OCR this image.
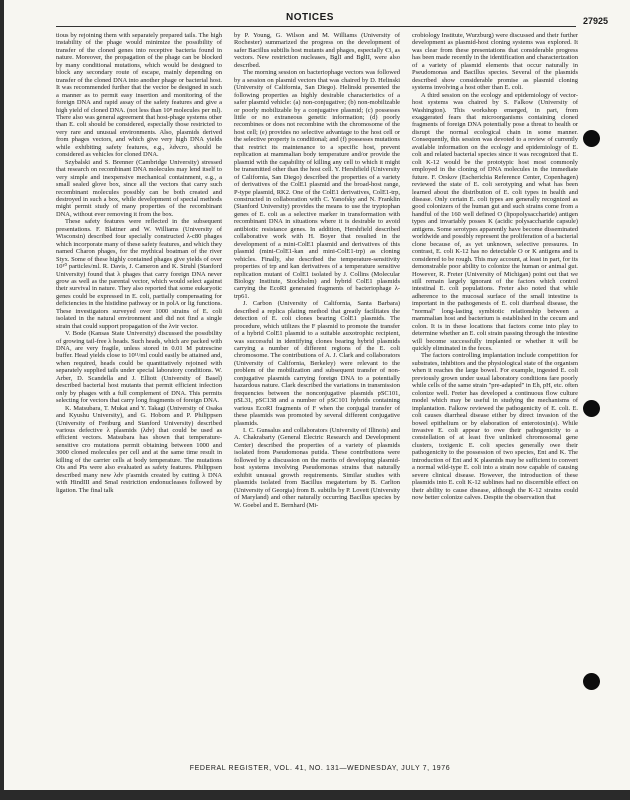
NOTICES	27925

tious by rejoining them with separately prepared tails. The high instability of the phage would minimize the possibility of transfer of the cloned genes into receptive bacteria found in nature. Moreover, the propagation of the phage can be blocked by many conditional mutations, which would be designed to block any secondary route of escape, mainly depending on transfer of the cloned DNA into another phage or bacterial host. It was recommended further that the vector be designed in such a manner as to permit easy insertion and monitoring of the foreign DNA and rapid assay of the safety features and give a high yield of cloned DNA. (not less than 10⁸ molecules per ml). There also was general agreement that host-phage systems other than E. coli should be considered, especially those restricted to very rare and unusual environments. Also, plasmids derived from phages vectors, and which give very high DNA yields while exhibiting safety features, e.g., λdvcro, should be considered as vehicles for cloned DNA.

Szybalski and S. Brenner (Cambridge University) stressed that research on recombinant DNA molecules may lend itself to very simple and inexpensive mechanical containment, e.g., a small sealed glove box, since all the vectors that carry such recombinant molecules possibly can be both created and destroyed in such a box, while development of special methods might permit study of many properties of the recombinant DNA, without ever removing it from the box.

These safety features were reflected in the subsequent presentations. F. Blattner and W. Williams (University of Wisconsin) described four specially constructed λ-c80 phages which incorporate many of these safety features, and which they named Charon phages, for the mythical boatman of the river Styx. Some of these highly contained phages give yields of over 10¹⁰ particles/ml. R. Davis, J. Cameron and K. Struhl (Stanford University) found that λ phages that carry foreign DNA never grow as well as the parental vector, which would select against their survival in nature. They also reported that some eukaryotic genes could be expressed in E. coli, partially compensating for deficiencies in the histidine pathway or in polA or lig functions. These investigators surveyed over 1000 strains of E. coli isolated in the natural environment and did not find a single strain that could support propagation of the λvir vector.

V. Bode (Kansas State University) discussed the possibility of growing tail-free λ heads. Such heads, which are packed with DNA, are very fragile, unless stored in 0.01 M putrescine buffer. Head yields close to 10¹¹/ml could easily be attained and, when required, heads could be quantitatively rejoined with separately supplied tails under special laboratory conditions. W. Arber, D. Scandella and J. Elliott (University of Basel) described bacterial host mutants that permit efficient infection only by phages with a full complement of DNA. This permits selecting for vectors that carry long fragments of foreign DNA.

K. Matsubara, T. Mukai and Y. Takagi (University of Osaka and Kyushu University), and G. Hobom and P. Philippsen (University of Freiburg and Stanford University) described various defective λ plasmids (λdv) that could be used as efficient vectors. Matsubara has shown that temperature-sensitive cro mutations permit obtaining between 1000 and 3000 cloned molecules per cell and at the same time result in killing of the carrier cells at body temperature. The mutations Ots and Pts were also evaluated as safety features. Philippsen described many new λdv p'asmids created by cutting λ DNA with HindIII and SmaI restriction endonucleases followed by ligation. The final talk

by P. Young, G. Wilson and M. Williams (University of Rochester) summarized the progress on the development of safer Bacillus subtilis host mutants and phages, especially ¢3, as vectors. New restriction nucleases, BglI and BglII, were also described.

The morning session on bacteriophage vectors was followed by a session on plasmid vectors that was chaired by D. Helinski (University of California, San Diego). Helinski presented the following properties as highly desirable characteristics of a safer plasmid vehicle: (a) non-conjugative; (b) non-mobilizable or poorly mobilizable by a conjugative plasmid; (c) possesses little or no extraneous genetic information; (d) poorly recombines or does not recombine with the chromosome of the host cell; (e) provides no selective advantage to the host cell or the selective property is conditional; and (f) possesses mutations that restrict its maintenance to a specific host, prevent replication at mammalian body temperature and/or provide the plasmid with the capability of killing any cell to which it might be transmitted other than the host cell. Y. Hershfield (University of California, San Diego) described the properties of a variety of derivatives of the ColE1 plasmid and the broad-host range, P-type plasmid, RK2. One of the ColE1 derivatives, ColE1-trp, constructed in collaboration with C. Yanofsky and N. Franklin (Stanford University) provides the means to use the tryptophan genes of E. coli as a selective marker in transformation with recombinant DNA in situations where it is desirable to avoid antibiotic resistance genes. In addition, Hershfield described collaborative work with H. Boyer that resulted in the development of a mini-ColE1 plasmid and derivatives of this plasmid (mini-ColE1-kan and mini-ColE1-trp) as cloning vehicles. Finally, she described the temperature-sensitivity properties of trp and kan derivatives of a temperature sensitive replication mutant of ColE1 isolated by J. Collins (Molecular Biology Institute, Stockholm) and hybrid ColE1 plasmids carrying the EcoRI generated fragments of bacteriophage λ-trp61.

J. Carbon (University of California, Santa Barbara) described a replica plating method that greatly facilitates the detection of E. coli clones bearing ColE1 plasmids. The procedure, which utilizes the F plasmid to promote the transfer of a hybrid ColE1 plasmid to a suitable auxotrophic recipient, was successful in identifying clones bearing hybrid plasmids carrying a number of different regions of the E. coli chromosome. The contributions of A. J. Clark and collaborators (University of California, Berkeley) were relevant to the problem of the mobilization and subsequent transfer of non-conjugative plasmids carrying foreign DNA to a potentially hazardous nature. Clark described the variations in transmission frequencies between the nonconjugative plasmids pSC101, pSL31, pSC138 and a number of pSC101 hybrids containing various EcoRI fragments of F when the conjugal transfer of these plasmids was promoted by several different conjugative plasmids.

I. C. Gunsalus and collaborators (University of Illinois) and A. Chakrabarty (General Electric Research and Development Center) described the properties of a variety of plasmids isolated from Pseudomonas putida. These contributions were followed by a discussion on the merits of developing plasmid-host systems involving Pseudomonas strains that naturally exhibit unusual growth requirements. Similar studies with plasmids isolated from Bacillus megaterium by B. Carlton (University of Georgia) from B. subtilis by P. Lovett (University of Maryland) and other naturally occurring Bacillus species by W. Goebel and E. Bernhard (Mi-

crobiology Institute, Wurzburg) were discussed and their further development as plasmid-host cloning systems was explored. It was clear from these presentations that considerable progress has been made recently in the identification and characterization of a variety of plasmid elements that occur naturally in Pseudomonas and Bacillus species. Several of the plasmids described show considerable promise as plasmid cloning systems involving a host other than E. coli.

A third session on the ecology and epidemiology of vector-host systems was chaired by S. Falkow (University of Washington). This workshop emerged, in part, from exaggerated fears that microorganisms containing cloned fragments of foreign DNA potentially pose a threat to health or disrupt the normal ecological chain in some manner. Consequently, this session was devoted to a review of currently available information on the ecology and epidemiology of E. coli and related bacterial species since it was recognized that E. coli K-12 would be the prototypic host most commonly employed in the cloning of DNA molecules in the immediate future. F. Orskov (Escherichia Reference Center, Copenhagen) reviewed the state of E. coli serotyping and what has been learned about the distribution of E. coli types in health and disease. Only certain E. coli types are generally recognized as good colonizers of the human gut and such strains come from a handful of the 160 well defined O (lipopolysaccharide) antigen types and invariably posses K (acidic polysaccharide capsule) antigens. Some serotypes apparently have become disseminated worldwide and possibly represent the proliferation of a bacterial clone because of, as yet unknown, selective pressures. In contrast, E. coli K-12 has no detectable O or K antigens and is considered to be rough. This may account, at least in part, for its demonstrable poor ability to colonize the human or animal gut. However, R. Freter (University of Michigan) point out that we still remain largely ignorant of the factors which control intestinal E. coli populations. Freter also noted that while adherence to the mucosal surface of the small intestine is important in the pathogenesis of E. coli diarrheal disease, the "normal" long-lasting symbiotic relationship between a mammalian host and bacterium is established in the cecum and colon. It is in these locations that factors come into play to determine whether an E. coli strain passing through the intestine will become successfully implanted or whether it will be quickly eliminated in the feces.

The factors controlling implantation include competition for substrates, inhibitors and the physiological state of the organism when it reaches the large bowel. For example, ingested E. coli previously grown under usual laboratory conditions fare poorly while cells of the same strain "pre-adapted" in Eh, pH, etc. often colonize well. Freter has developed a continuous flow culture model which may be useful in studying the mechanisms of implantation. Falkow reviewed the pathogenicity of E. coli. E. coli causes diarrheal disease either by direct invasion of the bowel epithelium or by elaboration of enterotoxin(s). While invasive E. coli appear to owe their pathogenicity to a constellation of at least five unlinked chromosomal gene clusters, toxigenic E. coli species generally owe their pathogenicity to the possession of two species, Ent and K. The introduction of Ent and K plasmids may be sufficient to convert a normal wild-type E. coli into a strain now capable of causing severe clinical disease. However, the introduction of these plasmids into E. coli K-12 sublines had no discernible effect on their ability to cause disease, although the K-12 strains could now better colonize calves. Despite the observation that

FEDERAL REGISTER, VOL. 41, NO. 131—WEDNESDAY, JULY 7, 1976
